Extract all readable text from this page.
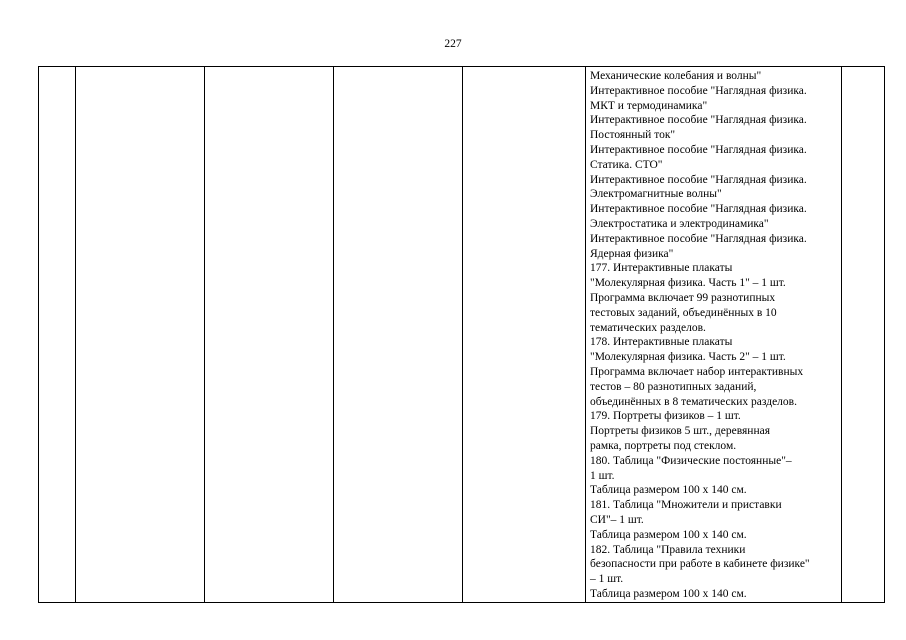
227

Механические колебания и волны"
Интерактивное пособие "Наглядная физика.
МКТ и термодинамика"
Интерактивное пособие "Наглядная физика.
Постоянный ток"
Интерактивное пособие "Наглядная физика.
Статика. СТО"
Интерактивное пособие "Наглядная физика.
Электромагнитные волны"
Интерактивное пособие "Наглядная физика.
Электростатика и электродинамика"
Интерактивное пособие "Наглядная физика.
Ядерная физика"
177. Интерактивные плакаты
"Молекулярная физика. Часть 1" – 1 шт.
Программа включает 99 разнотипных
тестовых заданий, объединённых в 10
тематических разделов.
178. Интерактивные плакаты
"Молекулярная физика. Часть 2" – 1 шт.
Программа включает набор интерактивных
тестов – 80 разнотипных заданий,
объединённых в 8 тематических разделов.
179. Портреты физиков – 1 шт.
Портреты физиков 5 шт., деревянная
рамка, портреты под стеклом.
180. Таблица "Физические постоянные"–
1 шт.
Таблица размером 100 х 140 см.
181. Таблица "Множители и приставки
СИ"– 1 шт.
Таблица размером 100 х 140 см.
182. Таблица "Правила техники
безопасности при работе в кабинете физике"
– 1 шт.
Таблица размером 100 х 140 см.
